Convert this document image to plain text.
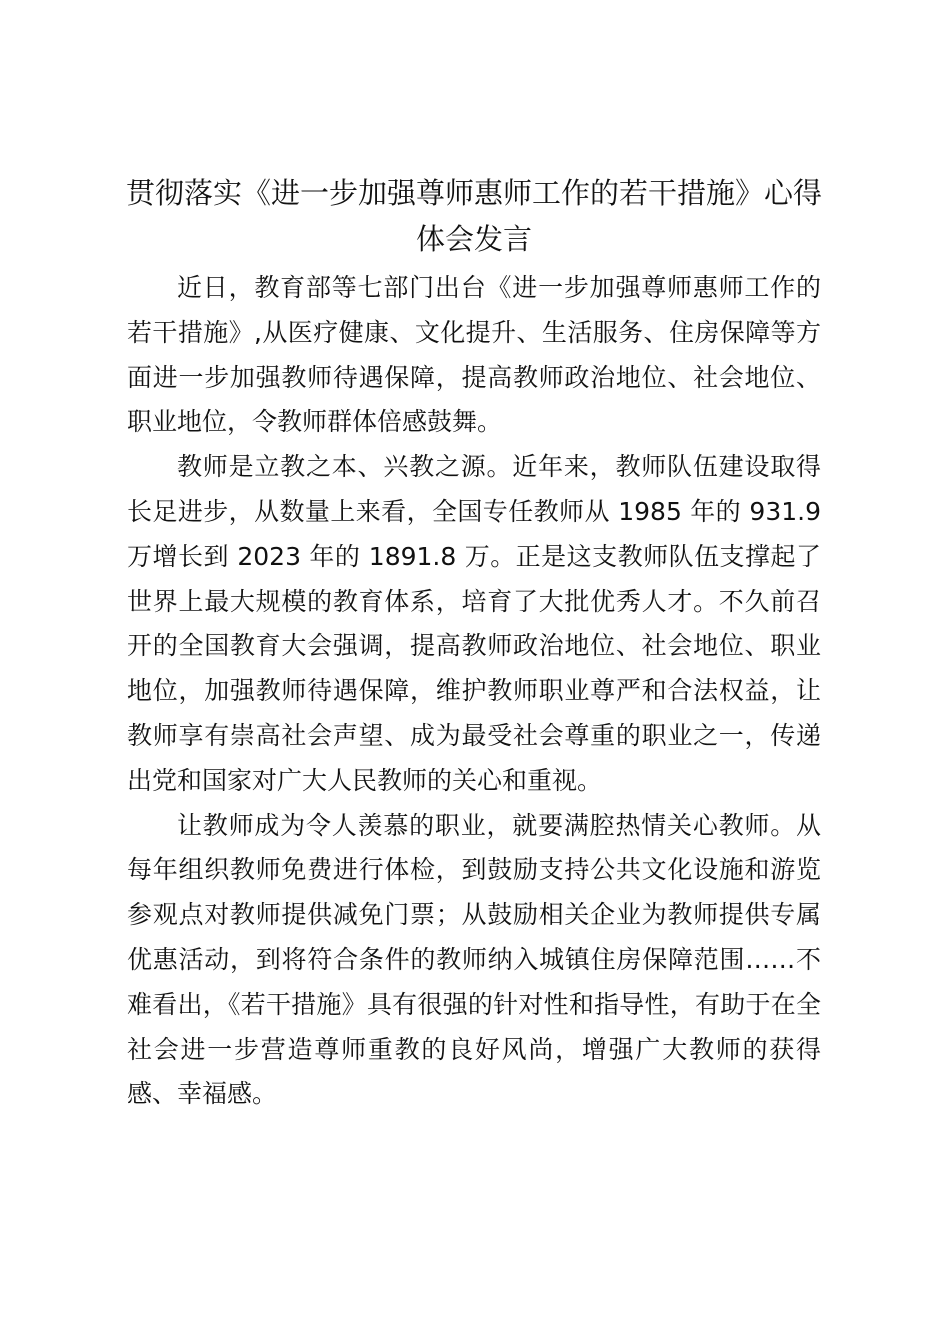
贯彻落实《进一步加强尊师惠师工作的若干措施》心得
体会发言

近日，教育部等七部门出台《进一步加强尊师惠师工作的若干措施》,从医疗健康、文化提升、生活服务、住房保障等方面进一步加强教师待遇保障，提高教师政治地位、社会地位、职业地位，令教师群体倍感鼓舞。

教师是立教之本、兴教之源。近年来，教师队伍建设取得长足进步，从数量上来看，全国专任教师从 1985 年的 931.9 万增长到 2023 年的 1891.8 万。正是这支教师队伍支撑起了世界上最大规模的教育体系，培育了大批优秀人才。不久前召开的全国教育大会强调，提高教师政治地位、社会地位、职业地位，加强教师待遇保障，维护教师职业尊严和合法权益，让教师享有崇高社会声望、成为最受社会尊重的职业之一，传递出党和国家对广大人民教师的关心和重视。

让教师成为令人羡慕的职业，就要满腔热情关心教师。从每年组织教师免费进行体检，到鼓励支持公共文化设施和游览参观点对教师提供减免门票；从鼓励相关企业为教师提供专属优惠活动，到将符合条件的教师纳入城镇住房保障范围……不难看出，《若干措施》具有很强的针对性和指导性，有助于在全社会进一步营造尊师重教的良好风尚，增强广大教师的获得感、幸福感。
